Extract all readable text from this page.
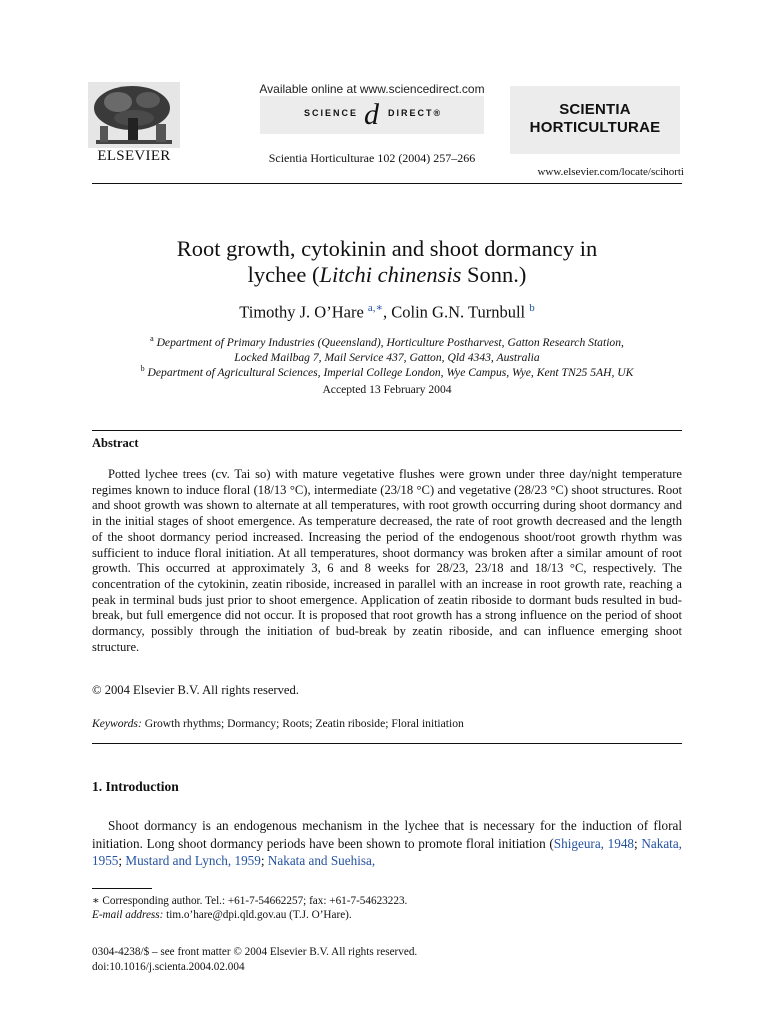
ELSEVIER
Available online at www.sciencedirect.com
SCIENCE d DIRECT®
Scientia Horticulturae 102 (2004) 257–266
SCIENTIA
HORTICULTURAE
www.elsevier.com/locate/scihorti
Root growth, cytokinin and shoot dormancy in
lychee (Litchi chinensis Sonn.)
Timothy J. O’Hare $^{a,∗}$, Colin G.N. Turnbull $^b$
$^a$ Department of Primary Industries (Queensland), Horticulture Postharvest, Gatton Research Station,
Locked Mailbag 7, Mail Service 437, Gatton, Qld 4343, Australia
$^b$ Department of Agricultural Sciences, Imperial College London, Wye Campus, Wye, Kent TN25 5AH, UK
Accepted 13 February 2004
Abstract
Potted lychee trees (cv. Tai so) with mature vegetative flushes were grown under three day/night temperature regimes known to induce floral (18/13 °C), intermediate (23/18 °C) and vegetative (28/23 °C) shoot structures. Root and shoot growth was shown to alternate at all temperatures, with root growth occurring during shoot dormancy and in the initial stages of shoot emergence. As temperature decreased, the rate of root growth decreased and the length of the shoot dormancy period increased. Increasing the period of the endogenous shoot/root growth rhythm was sufficient to induce floral initiation. At all temperatures, shoot dormancy was broken after a similar amount of root growth. This occurred at approximately 3, 6 and 8 weeks for 28/23, 23/18 and 18/13 °C, respectively. The concentration of the cytokinin, zeatin riboside, increased in parallel with an increase in root growth rate, reaching a peak in terminal buds just prior to shoot emergence. Application of zeatin riboside to dormant buds resulted in bud-break, but full emergence did not occur. It is proposed that root growth has a strong influence on the period of shoot dormancy, possibly through the initiation of bud-break by zeatin riboside, and can influence emerging shoot structure.
© 2004 Elsevier B.V. All rights reserved.
Keywords: Growth rhythms; Dormancy; Roots; Zeatin riboside; Floral initiation
1. Introduction
Shoot dormancy is an endogenous mechanism in the lychee that is necessary for the induction of floral initiation. Long shoot dormancy periods have been shown to promote floral initiation (Shigeura, 1948; Nakata, 1955; Mustard and Lynch, 1959; Nakata and Suehisa,
∗ Corresponding author. Tel.: +61-7-54662257; fax: +61-7-54623223.
E-mail address: tim.o’hare@dpi.qld.gov.au (T.J. O’Hare).
0304-4238/$ – see front matter © 2004 Elsevier B.V. All rights reserved.
doi:10.1016/j.scienta.2004.02.004
